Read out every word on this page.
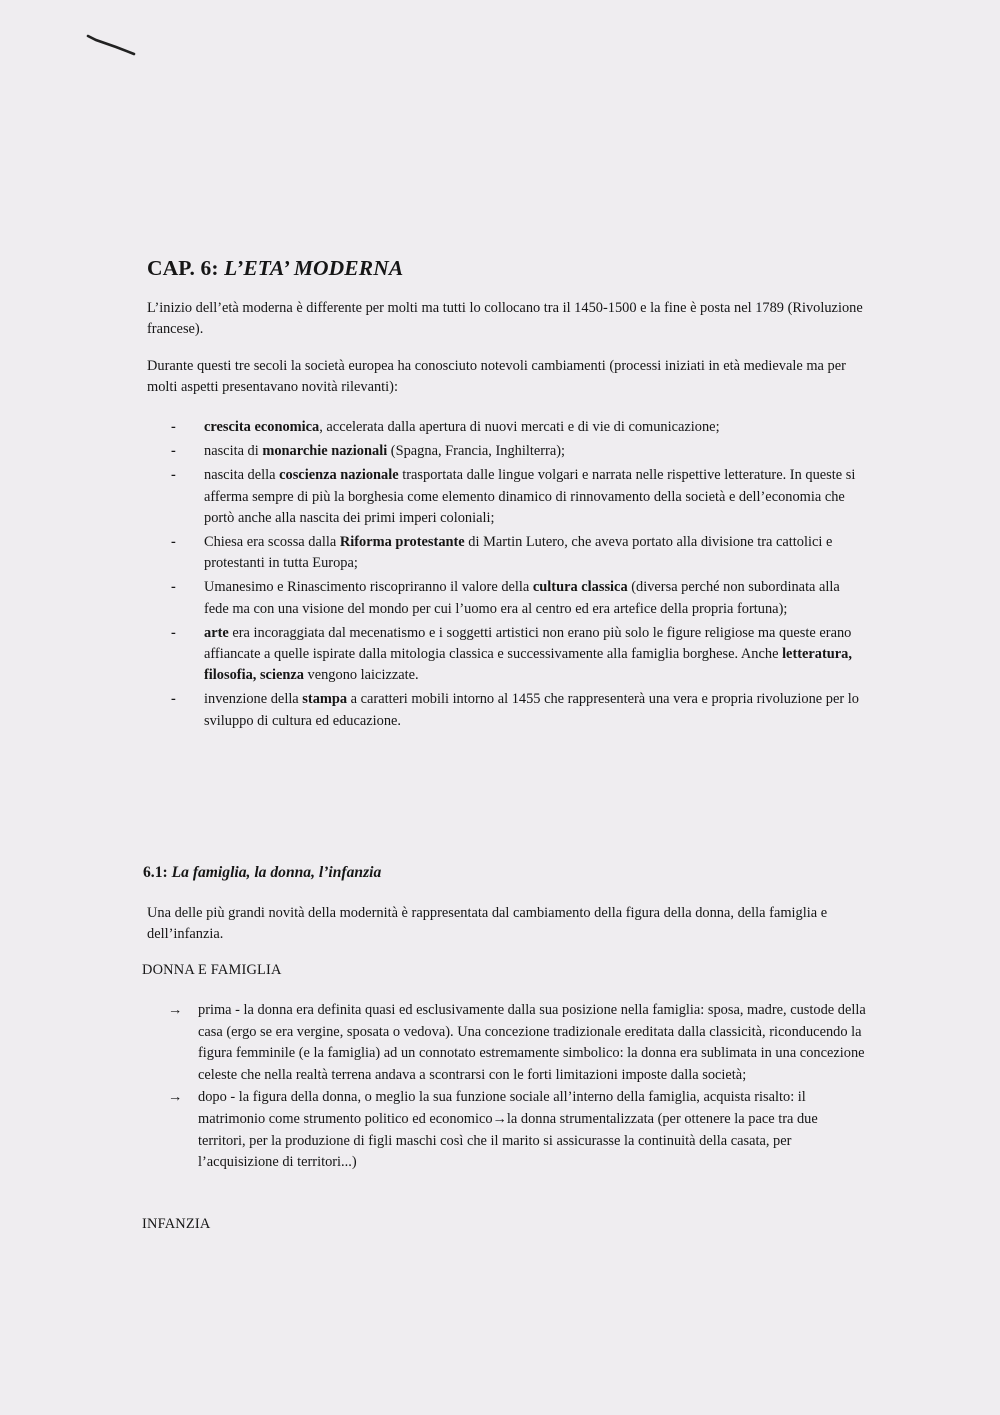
CAP. 6: L’ETA’ MODERNA

L’inizio dell’età moderna è differente per molti ma tutti lo collocano tra il 1450-1500 e la fine è posta nel 1789 (Rivoluzione francese).

Durante questi tre secoli la società europea ha conosciuto notevoli cambiamenti (processi iniziati in età medievale ma per molti aspetti presentavano novità rilevanti):

- crescita economica, accelerata dalla apertura di nuovi mercati e di vie di comunicazione;
- nascita di monarchie nazionali (Spagna, Francia, Inghilterra);
- nascita della coscienza nazionale trasportata dalle lingue volgari e narrata nelle rispettive letterature. In queste si afferma sempre di più la borghesia come elemento dinamico di rinnovamento della società e dell’economia che portò anche alla nascita dei primi imperi coloniali;
- Chiesa era scossa dalla Riforma protestante di Martin Lutero, che aveva portato alla divisione tra cattolici e protestanti in tutta Europa;
- Umanesimo e Rinascimento riscopriranno il valore della cultura classica (diversa perché non subordinata alla fede ma con una visione del mondo per cui l’uomo era al centro ed era artefice della propria fortuna);
- arte era incoraggiata dal mecenatismo e i soggetti artistici non erano più solo le figure religiose ma queste erano affiancate a quelle ispirate dalla mitologia classica e successivamente alla famiglia borghese. Anche letteratura, filosofia, scienza vengono laicizzate.
- invenzione della stampa a caratteri mobili intorno al 1455 che rappresenterà una vera e propria rivoluzione per lo sviluppo di cultura ed educazione.
6.1: La famiglia, la donna, l’infanzia

Una delle più grandi novità della modernità è rappresentata dal cambiamento della figura della donna, della famiglia e dell’infanzia.

DONNA E FAMIGLIA

→ prima - la donna era definita quasi ed esclusivamente dalla sua posizione nella famiglia: sposa, madre, custode della casa (ergo se era vergine, sposata o vedova). Una concezione tradizionale ereditata dalla classicità, riconducendo la figura femminile (e la famiglia) ad un connotato estremamente simbolico: la donna era sublimata in una concezione celeste che nella realtà terrena andava a scontrarsi con le forti limitazioni imposte dalla società;
→ dopo - la figura della donna, o meglio la sua funzione sociale all’interno della famiglia, acquista risalto: il matrimonio come strumento politico ed economico→la donna strumentalizzata (per ottenere la pace tra due territori, per la produzione di figli maschi così che il marito si assicurasse la continuità della casata, per l’acquisizione di territori...)

INFANZIA
